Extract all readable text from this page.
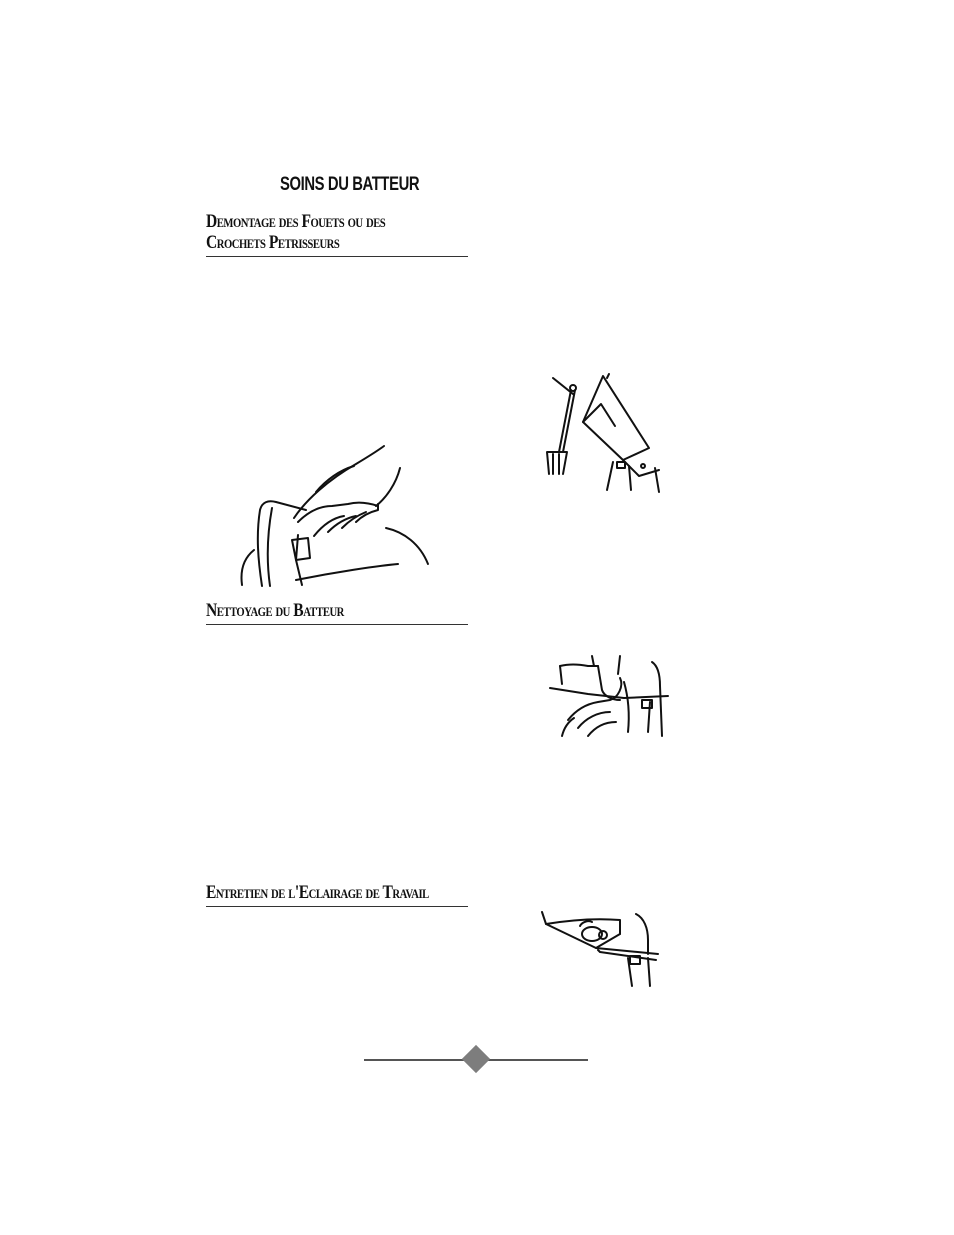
SOINS DU BATTEUR
Demontage des Fouets ou des
Crochets Petrisseurs
Nettoyage du Batteur
Entretien de l'Eclairage de Travail
